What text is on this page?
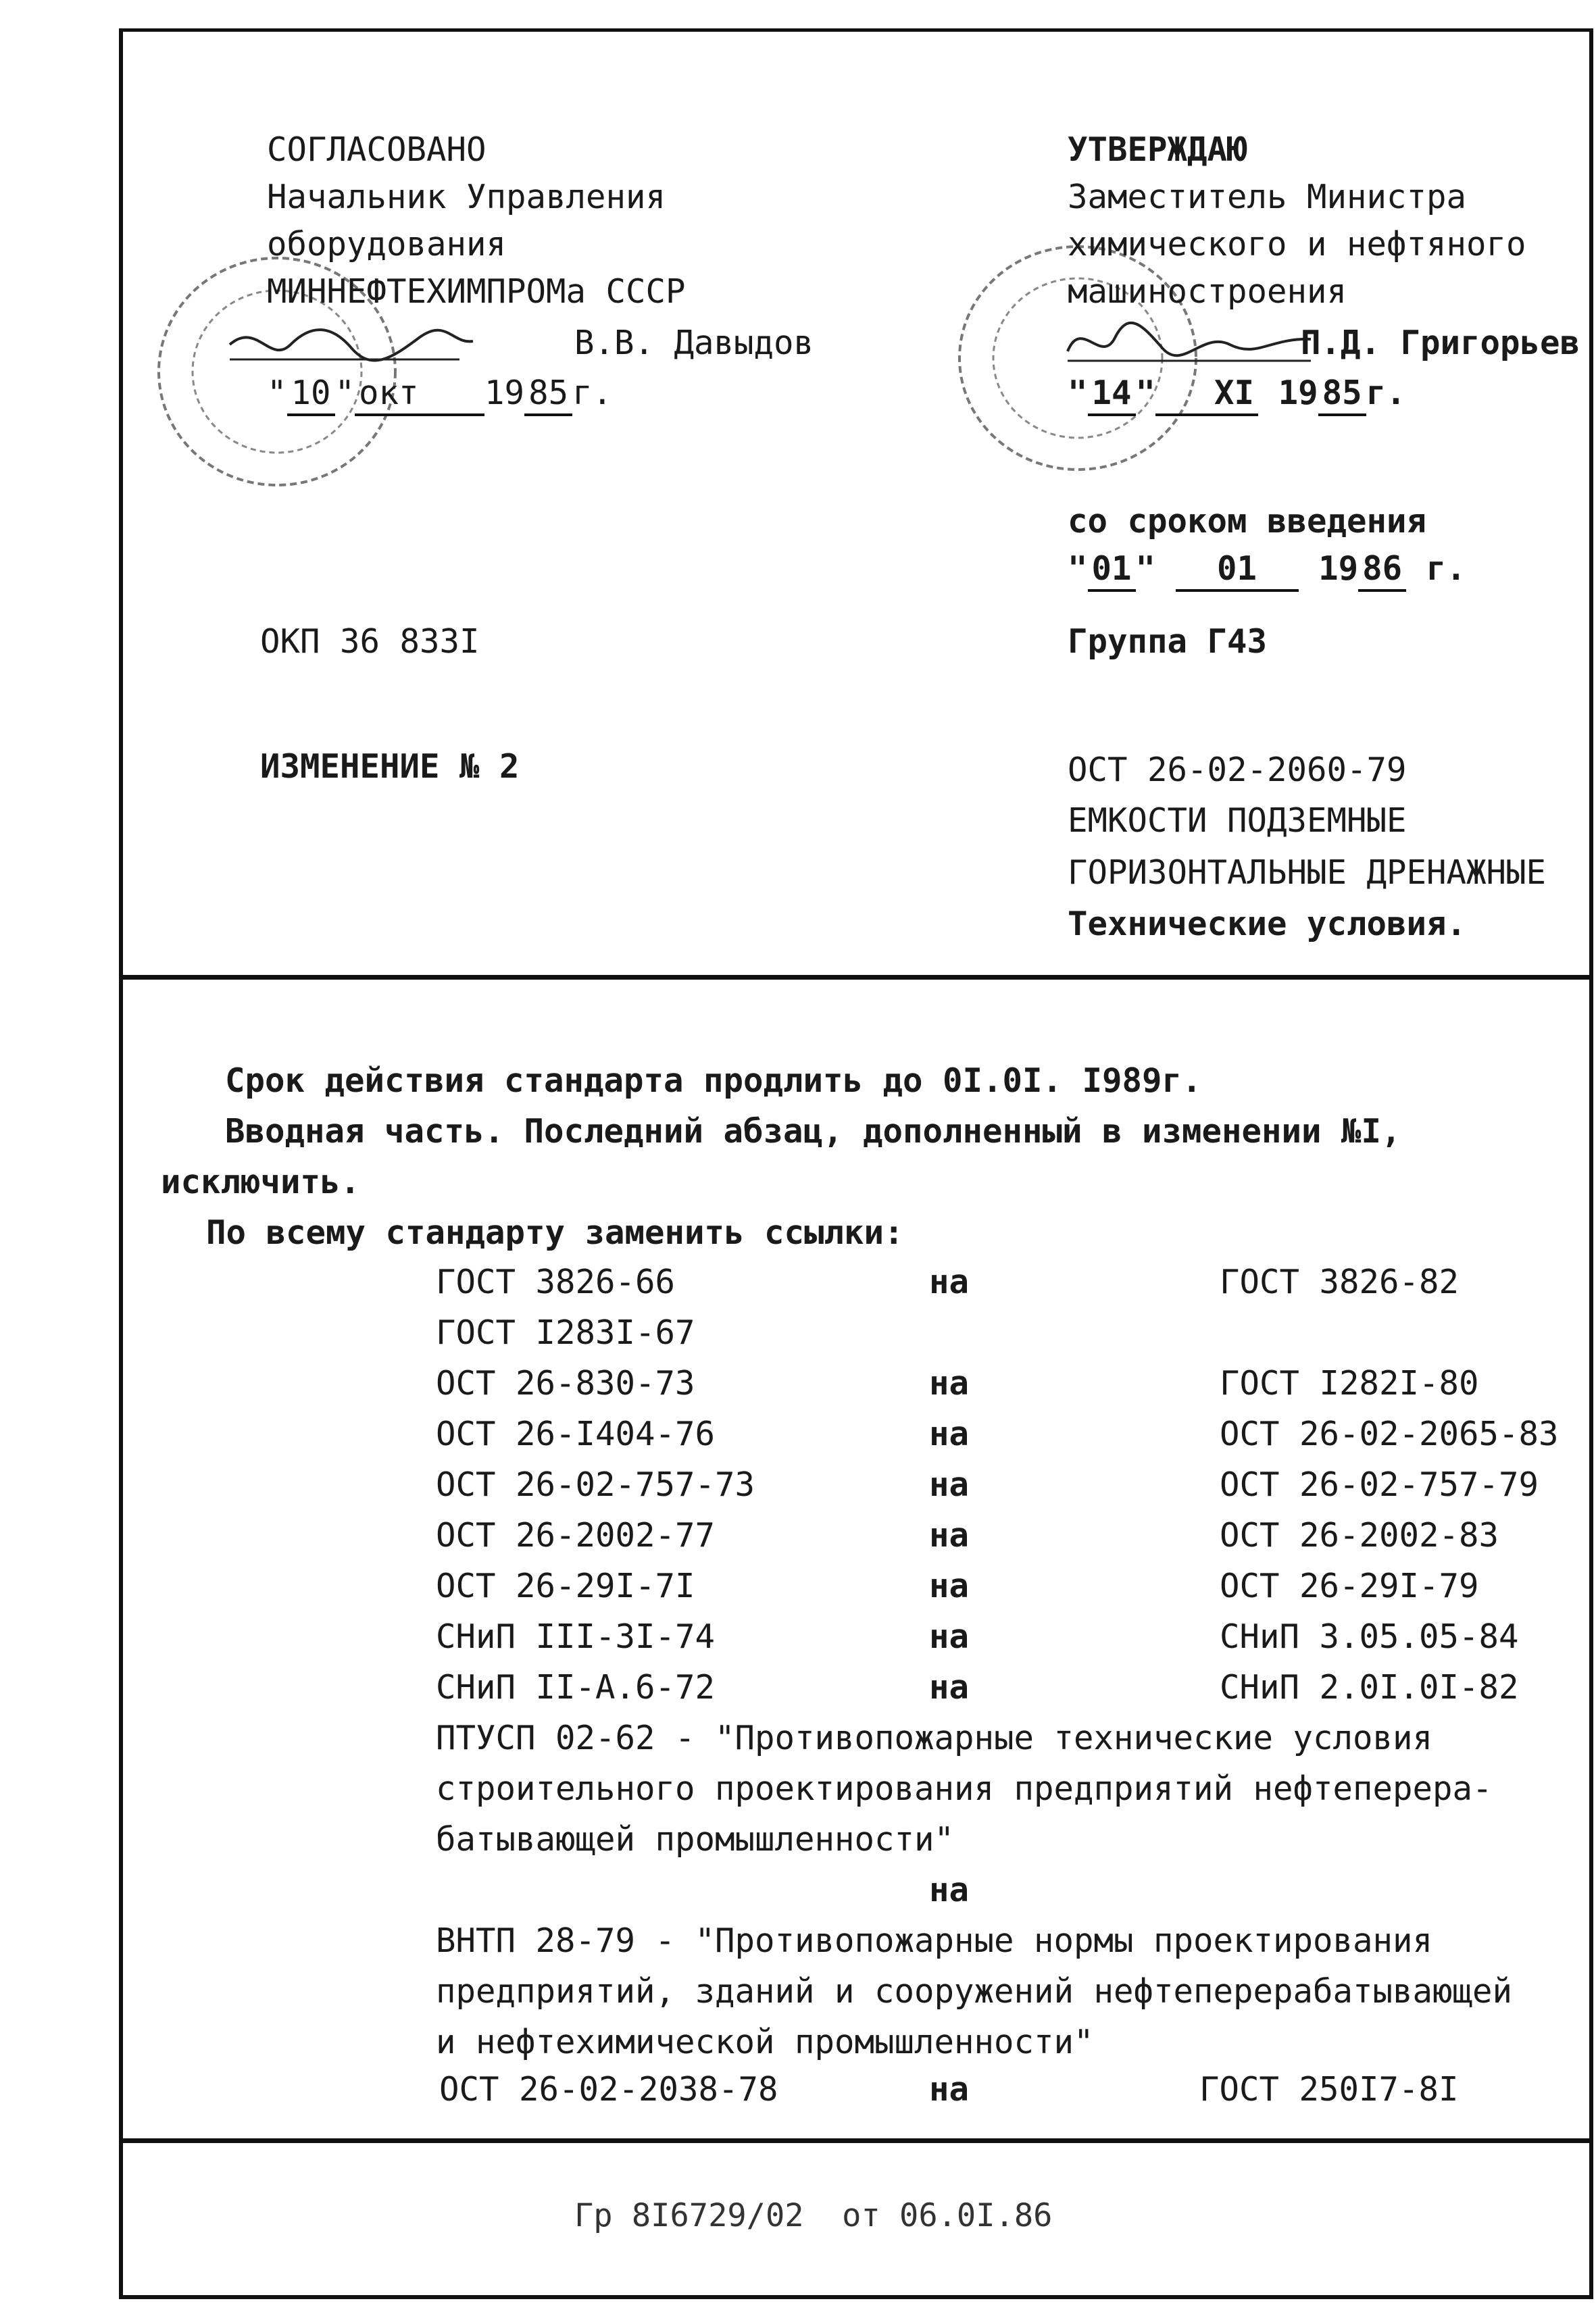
СОГЛАСОВАНО
Начальник Управления
оборудования
МИННЕФТЕХИМПРОМа СССР
В.В. Давыдов
" 10 " окт 19 85 г.
УТВЕРЖДАЮ
Заместитель Министра
химического и нефтяного
машиностроения
П.Д. Григорьев
" 14 " XI 19 85 г.
со сроком введения
" 01 " 01 19 86 г.
ОКП 36 833I	Группа Г43
ИЗМЕНЕНИЕ № 2	ОСТ 26-02-2060-79
ЕМКОСТИ ПОДЗЕМНЫЕ
ГОРИЗОНТАЛЬНЫЕ ДРЕНАЖНЫЕ
Технические условия.
Срок действия стандарта продлить до 0I.0I. I989г.
Вводная часть. Последний абзац, дополненный в изменении №I,
исключить.
По всему стандарту заменить ссылки:
ГОСТ 3826-66	на	ГОСТ 3826-82
ГОСТ I283I-67
ОСТ 26-830-73	на	ГОСТ I282I-80
ОСТ 26-I404-76	на	ОСТ 26-02-2065-83
ОСТ 26-02-757-73	на	ОСТ 26-02-757-79
ОСТ 26-2002-77	на	ОСТ 26-2002-83
ОСТ 26-29I-7I	на	ОСТ 26-29I-79
СНиП III-3I-74	на	СНиП 3.05.05-84
СНиП II-А.6-72	на	СНиП 2.0I.0I-82
ПТУСП 02-62 - "Противопожарные технические условия
строительного проектирования предприятий нефтеперера-
батывающей промышленности"
на
ВНТП 28-79 - "Противопожарные нормы проектирования
предприятий, зданий и сооружений нефтеперерабатывающей
и нефтехимической промышленности"
ОСТ 26-02-2038-78	на	ГОСТ 250I7-8I
Гр 8I6729/02  от 06.0I.86
